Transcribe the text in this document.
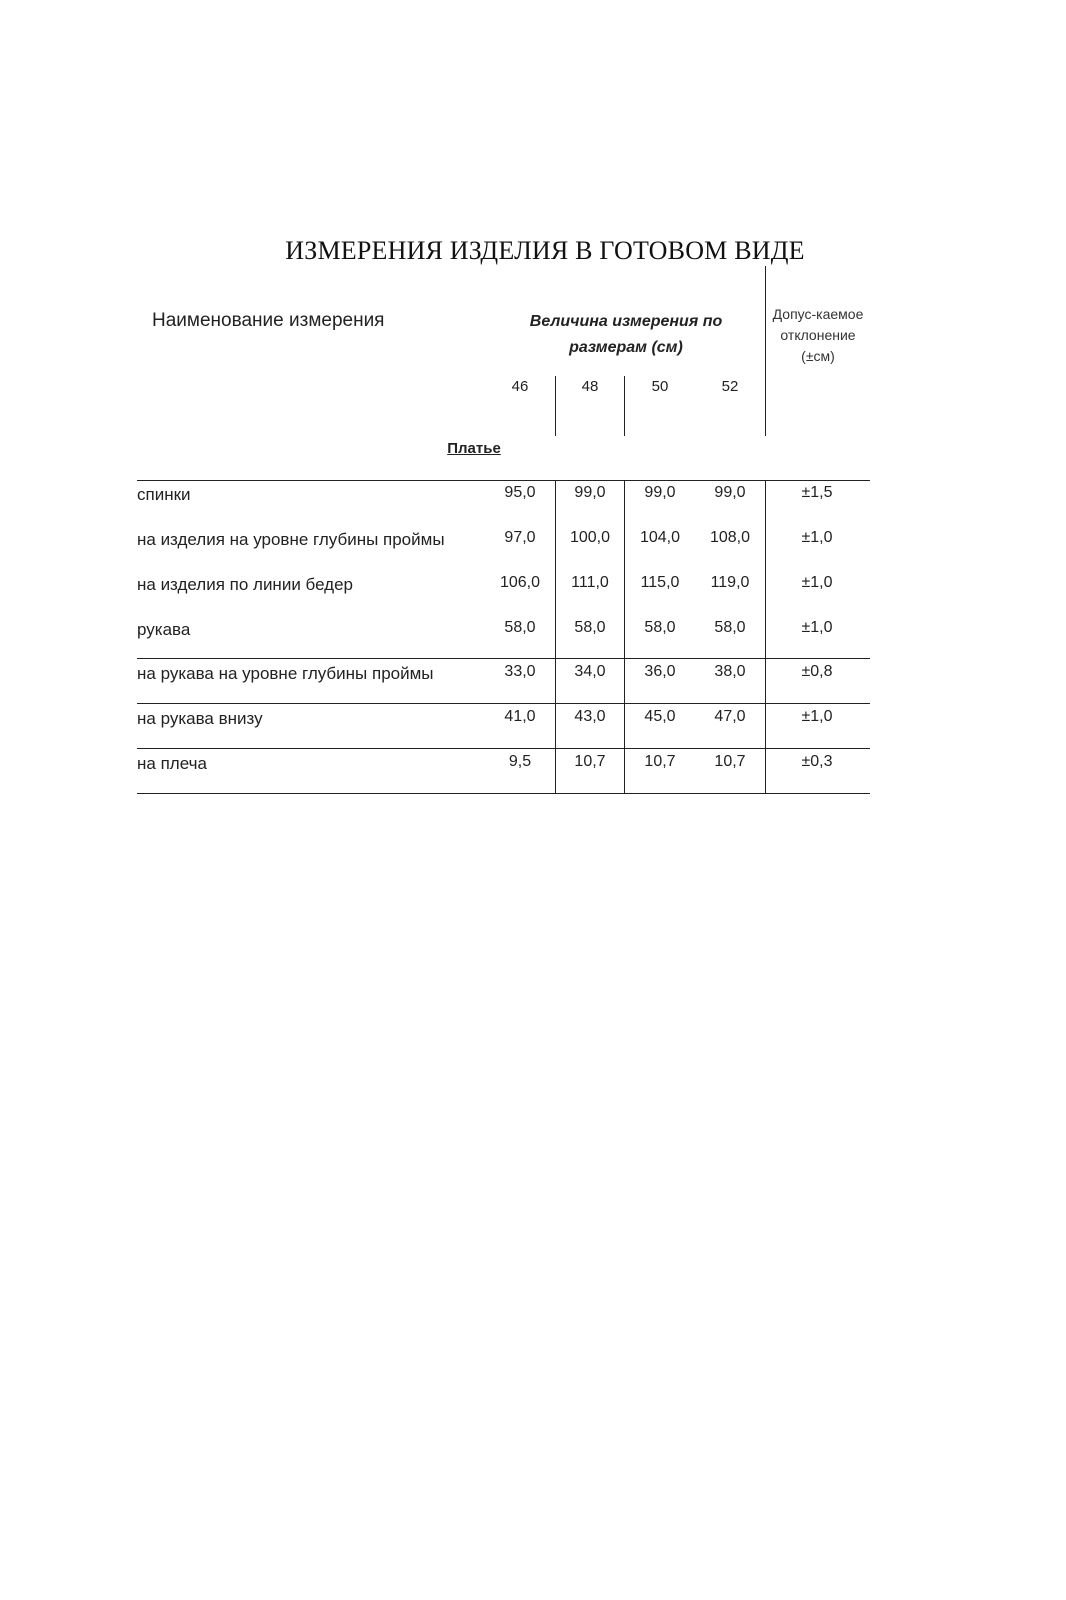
ИЗМЕРЕНИЯ ИЗДЕЛИЯ В ГОТОВОМ ВИДЕ
Наименование измерения	Величина измерения по
размерам (см)
Допус-каемое
отклонение
(±см)
46	48	50	52
Платье
спинки	95,0	99,0	99,0	99,0	±1,5
на изделия на уровне глубины проймы	97,0	100,0	104,0	108,0	±1,0
на изделия по линии бедер	106,0	111,0	115,0	119,0	±1,0
рукава	58,0	58,0	58,0	58,0	±1,0
на рукава на уровне глубины проймы	33,0	34,0	36,0	38,0	±0,8
на рукава внизу	41,0	43,0	45,0	47,0	±1,0
на плеча	9,5	10,7	10,7	10,7	±0,3
